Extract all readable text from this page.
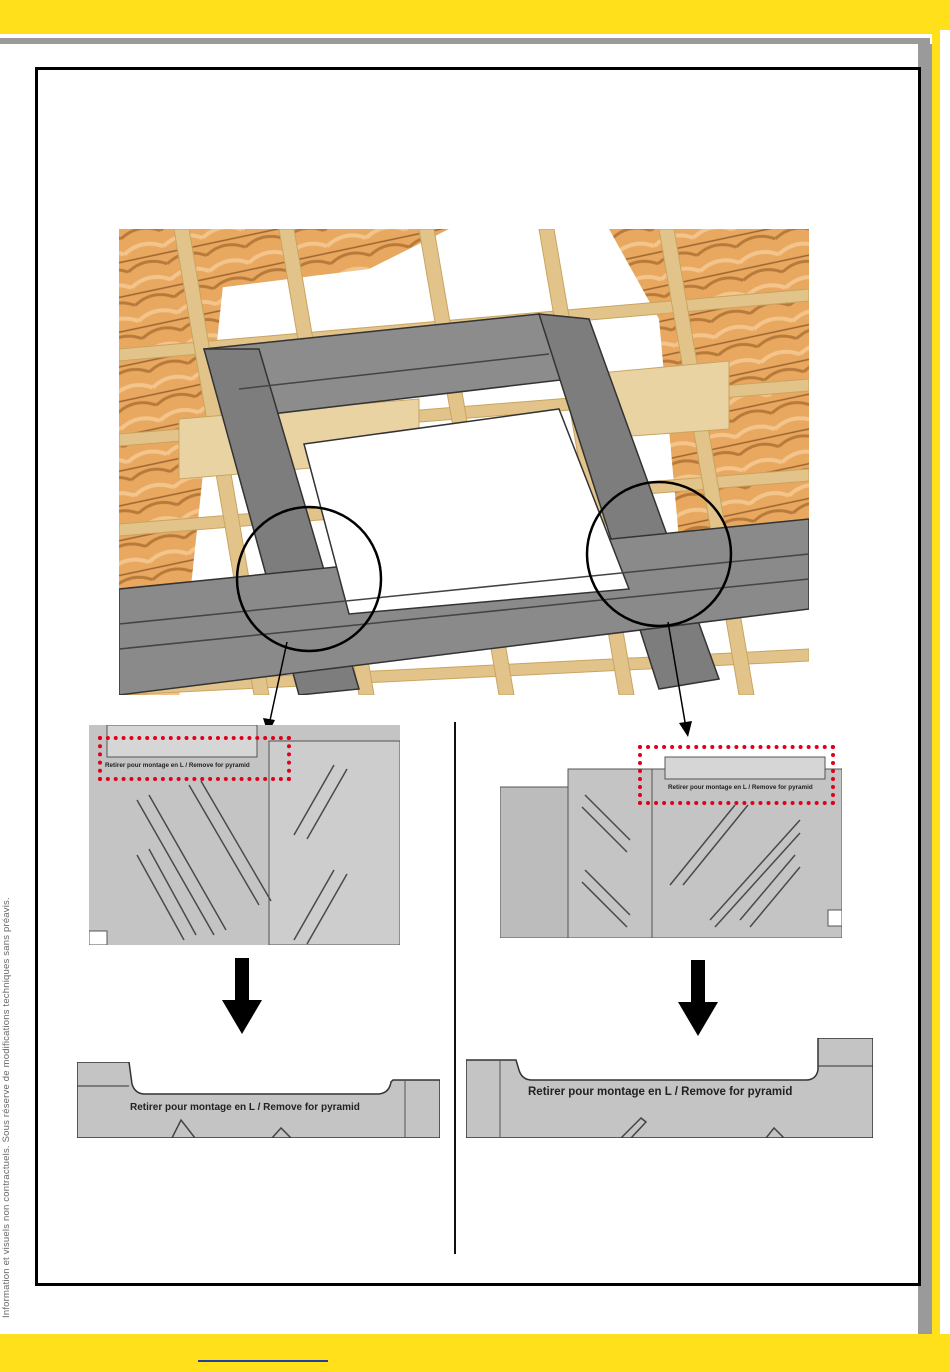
Information et visuels non contractuels. Sous réserve de modifications techniques sans préavis.
Retirer pour montage en L / Remove for pyramid
Retirer pour montage en L / Remove for pyramid
Retirer pour montage en L / Remove for pyramid
Retirer pour montage en L / Remove for pyramid
